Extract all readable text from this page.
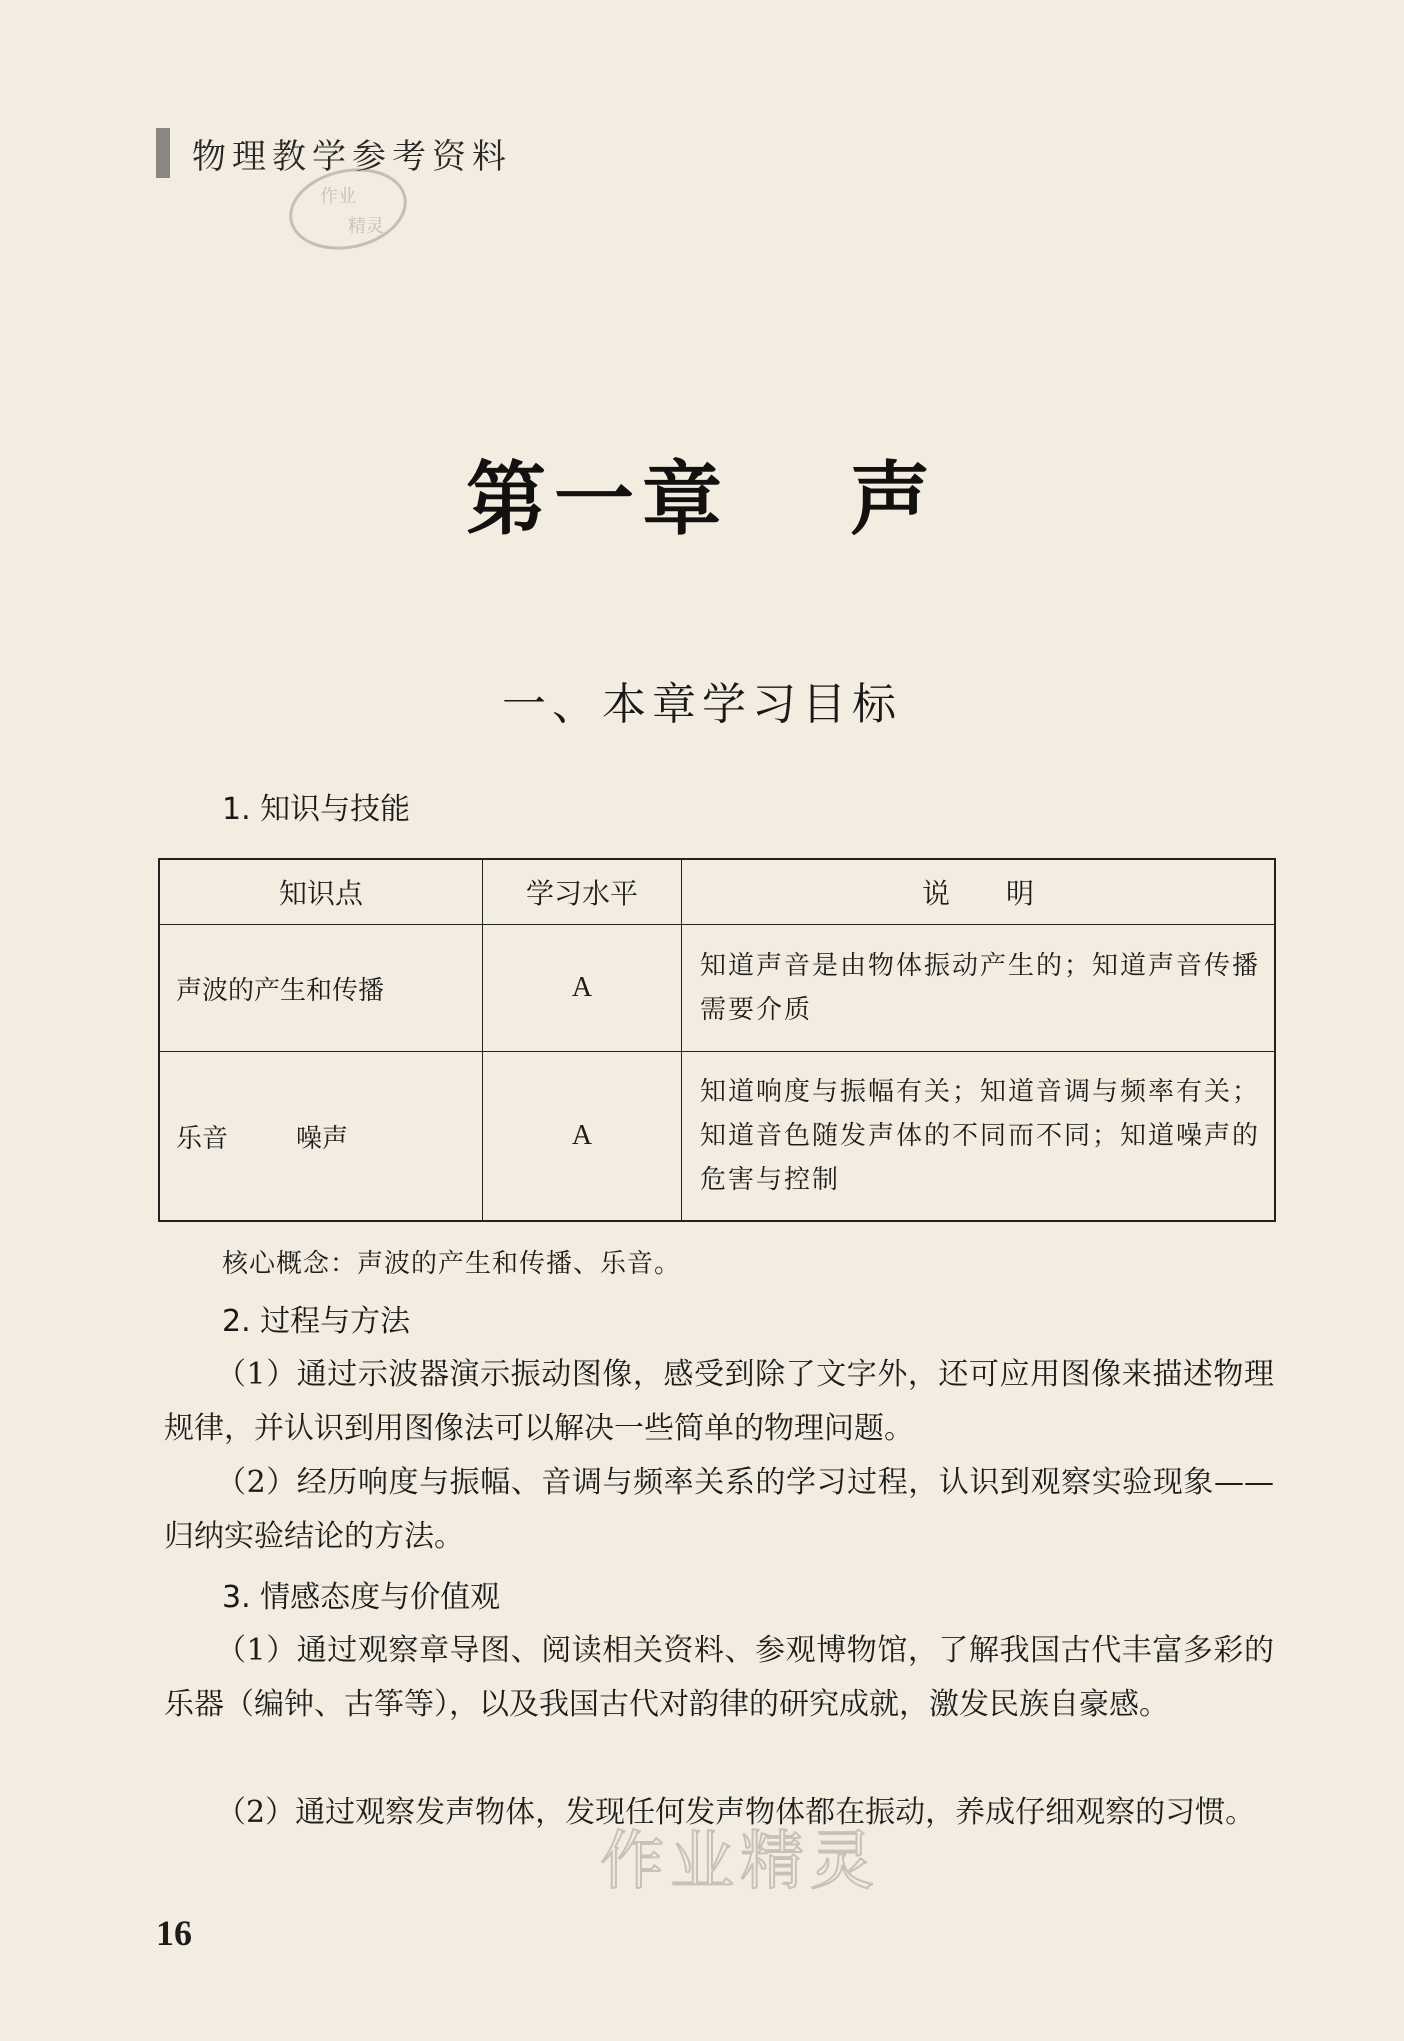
物理教学参考资料
作业
精灵
第一章 声
一、本章学习目标
1. 知识与技能
知识点	学习水平	说 明
声波的产生和传播	A	知道声音是由物体振动产生的；知道声音传播需要介质
乐音 噪声	A	知道响度与振幅有关；知道音调与频率有关；知道音色随发声体的不同而不同；知道噪声的危害与控制
核心概念：声波的产生和传播、乐音。
2. 过程与方法

（1）通过示波器演示振动图像，感受到除了文字外，还可应用图像来描述物理规律，并认识到用图像法可以解决一些简单的物理问题。

（2）经历响度与振幅、音调与频率关系的学习过程，认识到观察实验现象——归纳实验结论的方法。

3. 情感态度与价值观

（1）通过观察章导图、阅读相关资料、参观博物馆，了解我国古代丰富多彩的乐器（编钟、古筝等），以及我国古代对韵律的研究成就，激发民族自豪感。

（2）通过观察发声物体，发现任何发声物体都在振动，养成仔细观察的习惯。

作业精灵
16
